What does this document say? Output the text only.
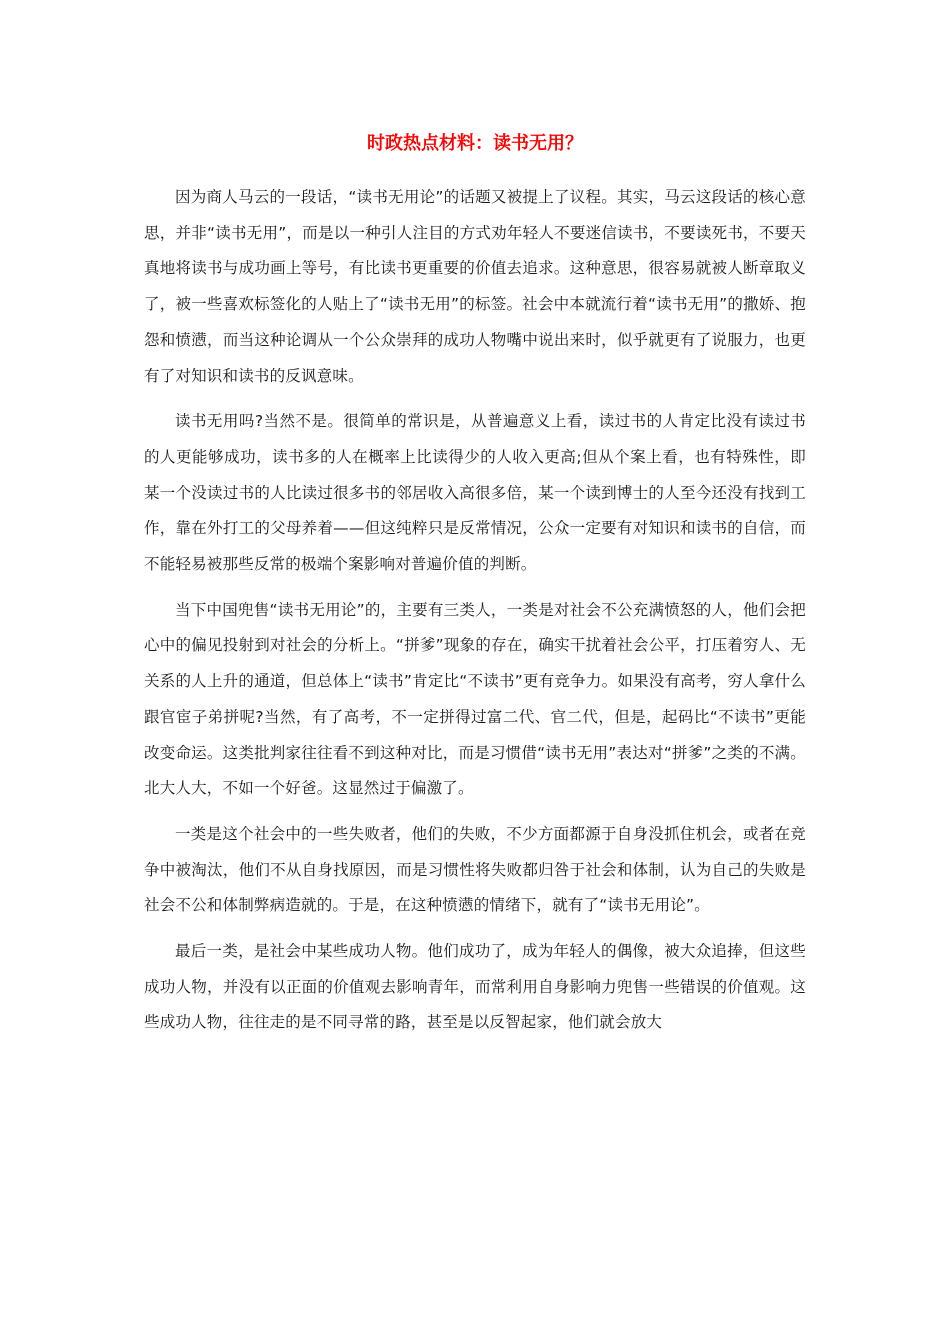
时政热点材料：读书无用？

因为商人马云的一段话，“读书无用论”的话题又被提上了议程。其实，马云这段话的核心意思，并非“读书无用”，而是以一种引人注目的方式劝年轻人不要迷信读书，不要读死书，不要天真地将读书与成功画上等号，有比读书更重要的价值去追求。这种意思，很容易就被人断章取义了，被一些喜欢标签化的人贴上了“读书无用”的标签。社会中本就流行着“读书无用”的撒娇、抱怨和愤懑，而当这种论调从一个公众崇拜的成功人物嘴中说出来时，似乎就更有了说服力，也更有了对知识和读书的反讽意味。

读书无用吗?当然不是。很简单的常识是，从普遍意义上看，读过书的人肯定比没有读过书的人更能够成功，读书多的人在概率上比读得少的人收入更高;但从个案上看，也有特殊性，即某一个没读过书的人比读过很多书的邻居收入高很多倍，某一个读到博士的人至今还没有找到工作，靠在外打工的父母养着——但这纯粹只是反常情况，公众一定要有对知识和读书的自信，而不能轻易被那些反常的极端个案影响对普遍价值的判断。

当下中国兜售“读书无用论”的，主要有三类人，一类是对社会不公充满愤怒的人，他们会把心中的偏见投射到对社会的分析上。“拼爹”现象的存在，确实干扰着社会公平，打压着穷人、无关系的人上升的通道，但总体上“读书”肯定比“不读书”更有竞争力。如果没有高考，穷人拿什么跟官宦子弟拼呢?当然，有了高考，不一定拼得过富二代、官二代，但是，起码比“不读书”更能改变命运。这类批判家往往看不到这种对比，而是习惯借“读书无用”表达对“拼爹”之类的不满。北大人大，不如一个好爸。这显然过于偏激了。

一类是这个社会中的一些失败者，他们的失败，不少方面都源于自身没抓住机会，或者在竞争中被淘汰，他们不从自身找原因，而是习惯性将失败都归咎于社会和体制，认为自己的失败是社会不公和体制弊病造就的。于是，在这种愤懑的情绪下，就有了“读书无用论”。

最后一类，是社会中某些成功人物。他们成功了，成为年轻人的偶像，被大众追捧，但这些成功人物，并没有以正面的价值观去影响青年，而常利用自身影响力兜售一些错误的价值观。这些成功人物，往往走的是不同寻常的路，甚至是以反智起家，他们就会放大
